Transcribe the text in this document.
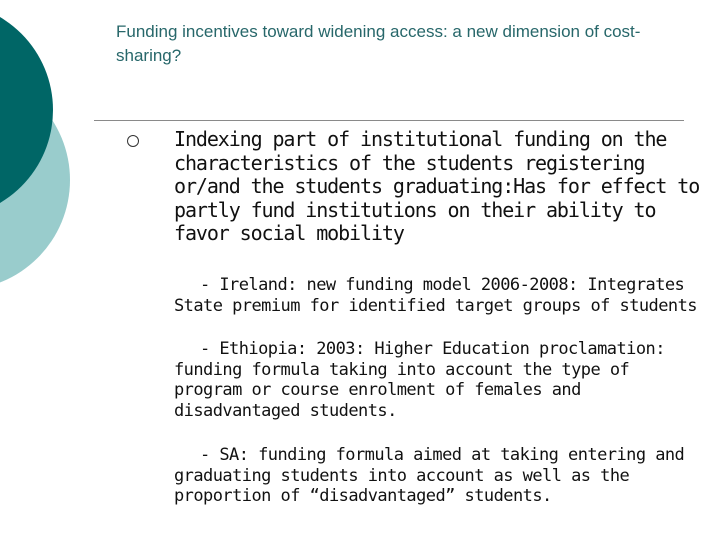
Funding incentives toward widening access: a new dimension of cost-sharing?
Indexing part of institutional funding on the characteristics of the students registering or/and the students graduating:Has for effect to partly fund institutions on their ability to favor social mobility
- Ireland: new funding model 2006-2008: Integrates State premium for identified target groups of students
- Ethiopia: 2003: Higher Education proclamation: funding formula taking into account the type of program or course enrolment of females and disadvantaged students.
- SA: funding formula aimed at taking entering and graduating students into account as well as the proportion of “disadvantaged” students.
